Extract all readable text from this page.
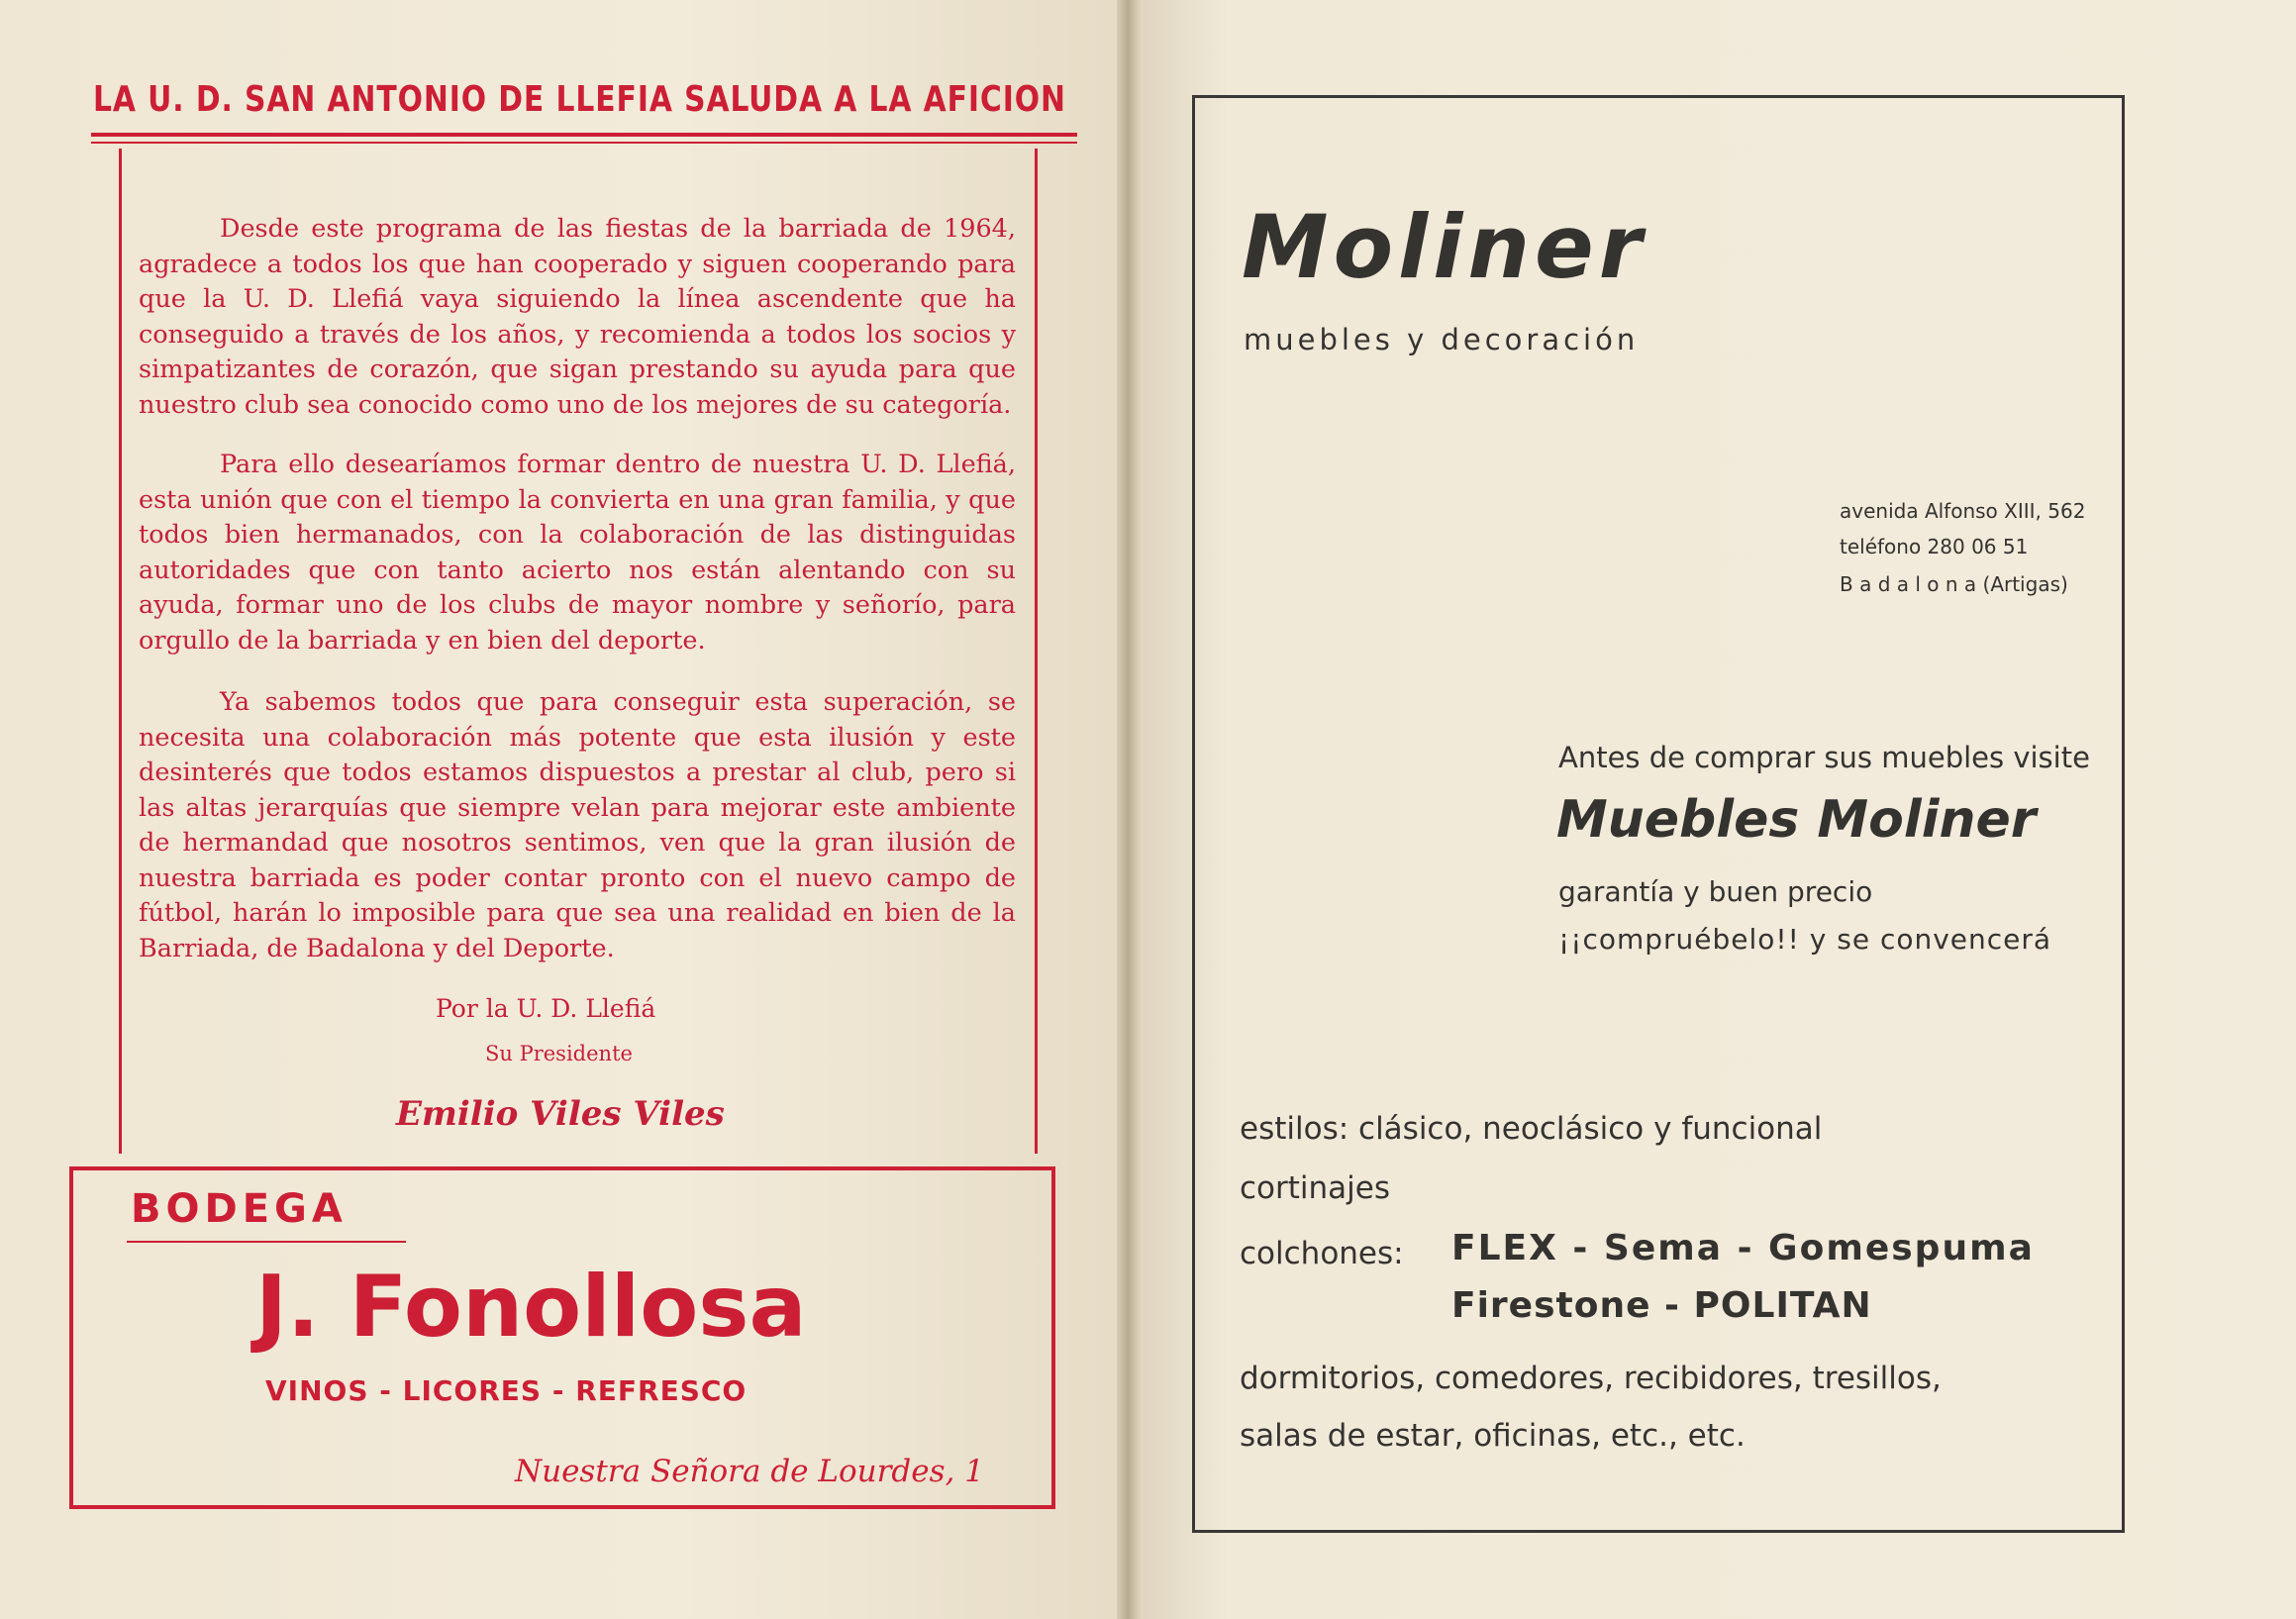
LA U. D. SAN ANTONIO DE LLEFIA SALUDA A LA AFICION

Desde este programa de las fiestas de la barriada de 1964, agradece a todos los que han cooperado y siguen cooperando para que la U. D. Llefiá vaya siguiendo la línea ascendente que ha conseguido a través de los años, y recomienda a todos los socios y simpatizantes de corazón, que sigan prestando su ayuda para que nuestro club sea conocido como uno de los mejores de su categoría.

Para ello desearíamos formar dentro de nuestra U. D. Llefiá, esta unión que con el tiempo la convierta en una gran familia, y que todos bien hermanados, con la colaboración de las distinguidas autoridades que con tanto acierto nos están alentando con su ayuda, formar uno de los clubs de mayor nombre y señorío, para orgullo de la barriada y en bien del deporte.

Ya sabemos todos que para conseguir esta superación, se necesita una colaboración más potente que esta ilusión y este desinterés que todos estamos dispuestos a prestar al club, pero si las altas jerarquías que siempre velan para mejorar este ambiente de hermandad que nosotros sentimos, ven que la gran ilusión de nuestra barriada es poder contar pronto con el nuevo campo de fútbol, harán lo imposible para que sea una realidad en bien de la Barriada, de Badalona y del Deporte.

Por la U. D. Llefiá
Su Presidente
Emilio Viles Viles
BODEGA
J. Fonollosa
VINOS - LICORES - REFRESCO
Nuestra Señora de Lourdes, 1
Moliner
muebles y decoración
avenida Alfonso XIII, 562
teléfono 280 06 51
B a d a l o n a (Artigas)
Antes de comprar sus muebles visite
Muebles Moliner
garantía y buen precio
¡¡compruébelo!! y se convencerá
estilos: clásico, neoclásico y funcional
cortinajes
colchones: FLEX - Sema - Gomespuma
Firestone - POLITAN
dormitorios, comedores, recibidores, tresillos,
salas de estar, oficinas, etc., etc.
